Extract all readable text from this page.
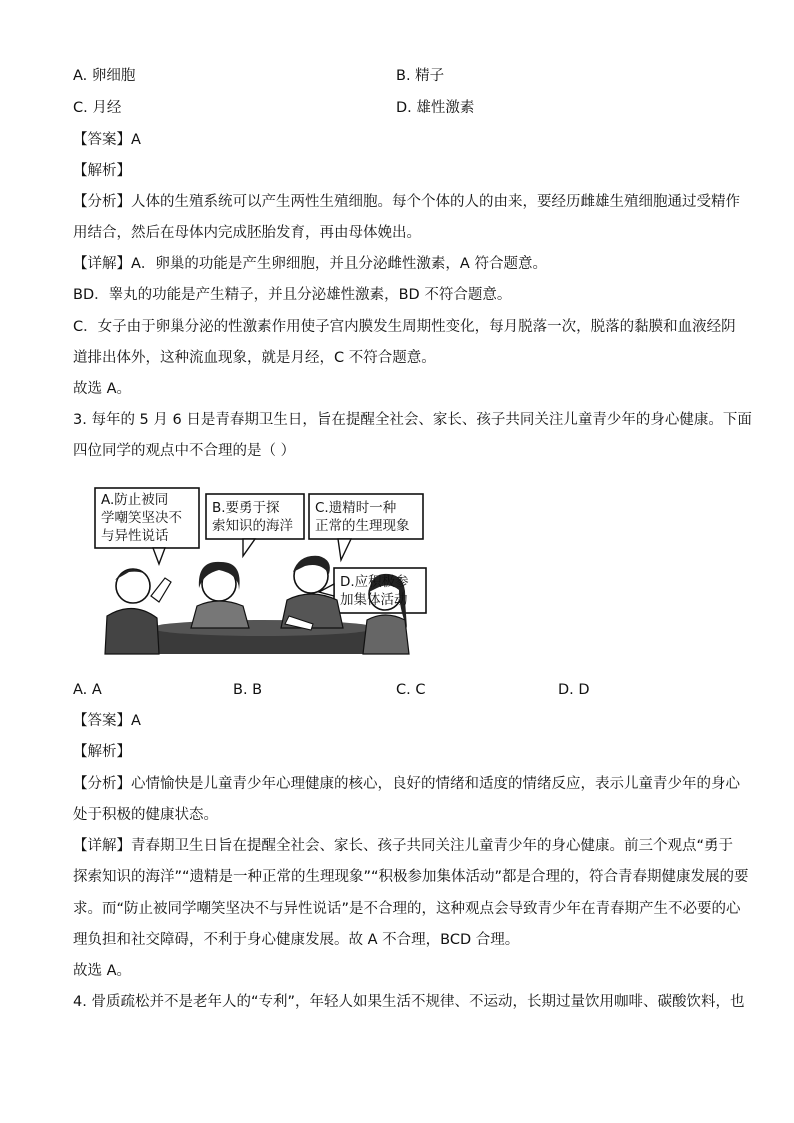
A. 卵细胞	B. 精子
C. 月经	D. 雄性激素
【答案】A
【解析】
【分析】人体的生殖系统可以产生两性生殖细胞。每个个体的人的由来，要经历雌雄生殖细胞通过受精作
用结合，然后在母体内完成胚胎发育，再由母体娩出。
【详解】A．卵巢的功能是产生卵细胞，并且分泌雌性激素，A 符合题意。
BD．睾丸的功能是产生精子，并且分泌雄性激素，BD 不符合题意。
C．女子由于卵巢分泌的性激素作用使子宫内膜发生周期性变化，每月脱落一次，脱落的黏膜和血液经阴
道排出体外，这种流血现象，就是月经，C 不符合题意。
故选 A。
3. 每年的 5 月 6 日是青春期卫生日，旨在提醒全社会、家长、孩子共同关注儿童青少年的身心健康。下面
四位同学的观点中不合理的是（ ）
A.防止被同
学嘲笑坚决不
与异性说话
B.要勇于探
索知识的海洋
C.遗精时一种
正常的生理现象
D.应积极参
加集体活动
A. A	B. B	C. C	D. D
【答案】A
【解析】
【分析】心情愉快是儿童青少年心理健康的核心，良好的情绪和适度的情绪反应，表示儿童青少年的身心
处于积极的健康状态。
【详解】青春期卫生日旨在提醒全社会、家长、孩子共同关注儿童青少年的身心健康。前三个观点“勇于
探索知识的海洋”“遗精是一种正常的生理现象”“积极参加集体活动”都是合理的，符合青春期健康发展的要
求。而“防止被同学嘲笑坚决不与异性说话”是不合理的，这种观点会导致青少年在青春期产生不必要的心
理负担和社交障碍，不利于身心健康发展。故 A 不合理，BCD 合理。
故选 A。
4. 骨质疏松并不是老年人的“专利”，年轻人如果生活不规律、不运动，长期过量饮用咖啡、碳酸饮料，也
